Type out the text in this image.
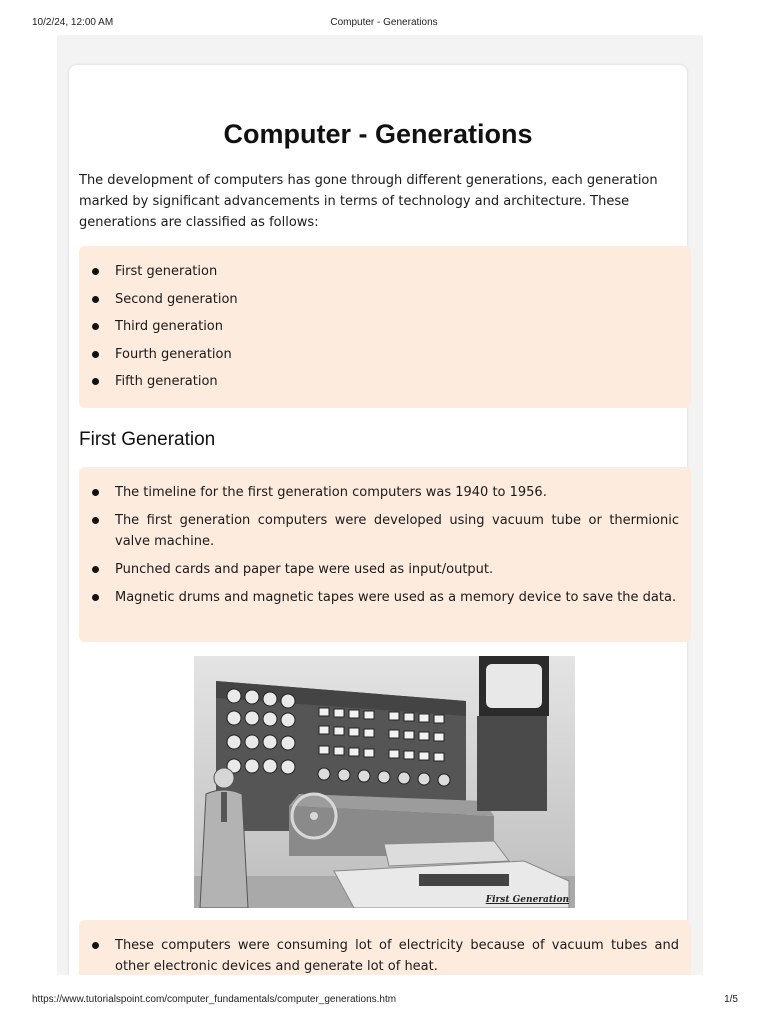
10/2/24, 12:00 AM	Computer - Generations
Computer - Generations

The development of computers has gone through different generations, each generation marked by significant advancements in terms of technology and architecture. These generations are classified as follows:

First generation
Second generation
Third generation
Fourth generation
Fifth generation
First Generation
The timeline for the first generation computers was 1940 to 1956.
The first generation computers were developed using vacuum tube or thermionic valve machine.
Punched cards and paper tape were used as input/output.
Magnetic drums and magnetic tapes were used as a memory device to save the data.
First Generation
These computers were consuming lot of electricity because of vacuum tubes and other electronic devices and generate lot of heat.
https://www.tutorialspoint.com/computer_fundamentals/computer_generations.htm	1/5
